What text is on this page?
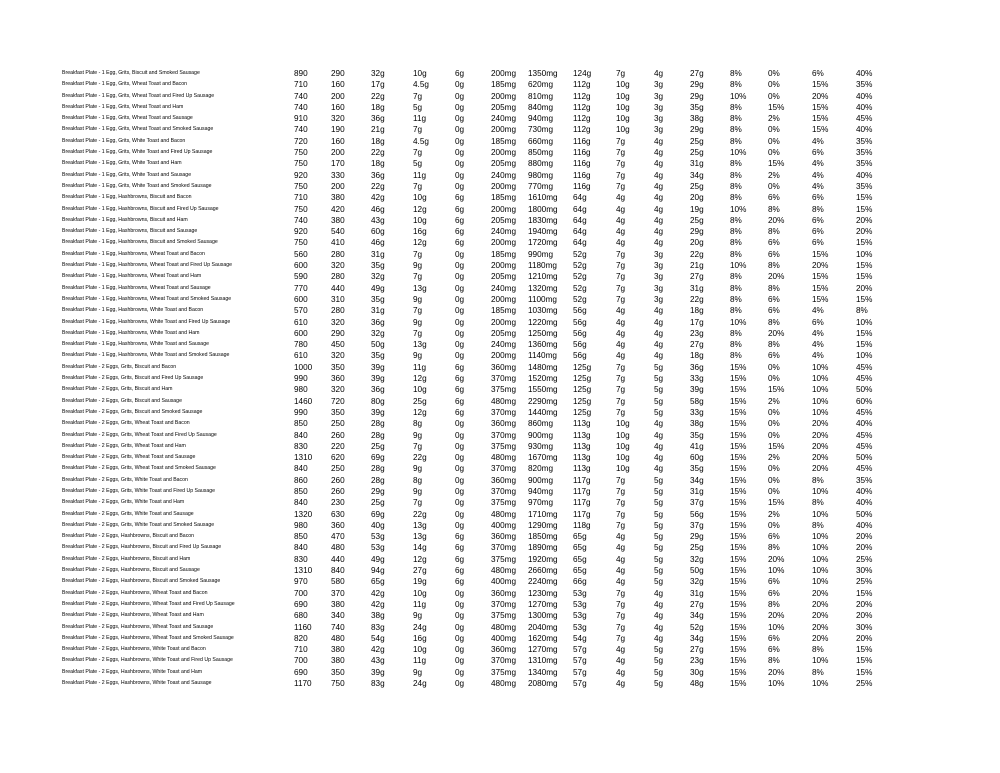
Breakfast Plate - 1 Egg, Grits, Biscuit and Smoked Sausage	890	290	32g	10g	6g	200mg	1350mg	124g	7g	4g	27g	8%	0%	6%	40%
Breakfast Plate - 1 Egg, Grits, Wheat Toast and Bacon	710	160	17g	4.5g	0g	185mg	620mg	112g	10g	3g	29g	8%	0%	15%	35%
Breakfast Plate - 1 Egg, Grits, Wheat Toast and Fired Up Sausage	740	200	22g	7g	0g	200mg	810mg	112g	10g	3g	29g	10%	0%	20%	40%
Breakfast Plate - 1 Egg, Grits, Wheat Toast and Ham	740	160	18g	5g	0g	205mg	840mg	112g	10g	3g	35g	8%	15%	15%	40%
Breakfast Plate - 1 Egg, Grits, Wheat Toast and Sausage	910	320	36g	11g	0g	240mg	940mg	112g	10g	3g	38g	8%	2%	15%	45%
Breakfast Plate - 1 Egg, Grits, Wheat Toast and Smoked Sausage	740	190	21g	7g	0g	200mg	730mg	112g	10g	3g	29g	8%	0%	15%	40%
Breakfast Plate - 1 Egg, Grits, White Toast and Bacon	720	160	18g	4.5g	0g	185mg	660mg	116g	7g	4g	25g	8%	0%	4%	35%
Breakfast Plate - 1 Egg, Grits, White Toast and Fired Up Sausage	750	200	22g	7g	0g	200mg	850mg	116g	7g	4g	25g	10%	0%	6%	35%
Breakfast Plate - 1 Egg, Grits, White Toast and Ham	750	170	18g	5g	0g	205mg	880mg	116g	7g	4g	31g	8%	15%	4%	35%
Breakfast Plate - 1 Egg, Grits, White Toast and Sausage	920	330	36g	11g	0g	240mg	980mg	116g	7g	4g	34g	8%	2%	4%	40%
Breakfast Plate - 1 Egg, Grits, White Toast and Smoked Sausage	750	200	22g	7g	0g	200mg	770mg	116g	7g	4g	25g	8%	0%	4%	35%
Breakfast Plate - 1 Egg, Hashbrowns, Biscuit and Bacon	710	380	42g	10g	6g	185mg	1610mg	64g	4g	4g	20g	8%	6%	6%	15%
Breakfast Plate - 1 Egg, Hashbrowns, Biscuit and Fired Up Sausage	750	420	46g	12g	6g	200mg	1800mg	64g	4g	4g	19g	10%	8%	8%	15%
Breakfast Plate - 1 Egg, Hashbrowns, Biscuit and Ham	740	380	43g	10g	6g	205mg	1830mg	64g	4g	4g	25g	8%	20%	6%	20%
Breakfast Plate - 1 Egg, Hashbrowns, Biscuit and Sausage	920	540	60g	16g	6g	240mg	1940mg	64g	4g	4g	29g	8%	8%	6%	20%
Breakfast Plate - 1 Egg, Hashbrowns, Biscuit and Smoked Sausage	750	410	46g	12g	6g	200mg	1720mg	64g	4g	4g	20g	8%	6%	6%	15%
Breakfast Plate - 1 Egg, Hashbrowns, Wheat Toast and Bacon	560	280	31g	7g	0g	185mg	990mg	52g	7g	3g	22g	8%	6%	15%	10%
Breakfast Plate - 1 Egg, Hashbrowns, Wheat Toast and Fired Up Sausage	600	320	35g	9g	0g	200mg	1180mg	52g	7g	3g	21g	10%	8%	20%	15%
Breakfast Plate - 1 Egg, Hashbrowns, Wheat Toast and Ham	590	280	32g	7g	0g	205mg	1210mg	52g	7g	3g	27g	8%	20%	15%	15%
Breakfast Plate - 1 Egg, Hashbrowns, Wheat Toast and Sausage	770	440	49g	13g	0g	240mg	1320mg	52g	7g	3g	31g	8%	8%	15%	20%
Breakfast Plate - 1 Egg, Hashbrowns, Wheat Toast and Smoked Sausage	600	310	35g	9g	0g	200mg	1100mg	52g	7g	3g	22g	8%	6%	15%	15%
Breakfast Plate - 1 Egg, Hashbrowns, White Toast and Bacon	570	280	31g	7g	0g	185mg	1030mg	56g	4g	4g	18g	8%	6%	4%	8%
Breakfast Plate - 1 Egg, Hashbrowns, White Toast and Fired Up Sausage	610	320	36g	9g	0g	200mg	1220mg	56g	4g	4g	17g	10%	8%	6%	10%
Breakfast Plate - 1 Egg, Hashbrowns, White Toast and Ham	600	290	32g	7g	0g	205mg	1250mg	56g	4g	4g	23g	8%	20%	4%	15%
Breakfast Plate - 1 Egg, Hashbrowns, White Toast and Sausage	780	450	50g	13g	0g	240mg	1360mg	56g	4g	4g	27g	8%	8%	4%	15%
Breakfast Plate - 1 Egg, Hashbrowns, White Toast and Smoked Sausage	610	320	35g	9g	0g	200mg	1140mg	56g	4g	4g	18g	8%	6%	4%	10%
Breakfast Plate - 2 Eggs, Grits, Biscuit and Bacon	1000	350	39g	11g	6g	360mg	1480mg	125g	7g	5g	36g	15%	0%	10%	45%
Breakfast Plate - 2 Eggs, Grits, Biscuit and Fired Up Sausage	990	360	39g	12g	6g	370mg	1520mg	125g	7g	5g	33g	15%	0%	10%	45%
Breakfast Plate - 2 Eggs, Grits, Biscuit and Ham	980	320	36g	10g	6g	375mg	1550mg	125g	7g	5g	39g	15%	15%	10%	50%
Breakfast Plate - 2 Eggs, Grits, Biscuit and Sausage	1460	720	80g	25g	6g	480mg	2290mg	125g	7g	5g	58g	15%	2%	10%	60%
Breakfast Plate - 2 Eggs, Grits, Biscuit and Smoked Sausage	990	350	39g	12g	6g	370mg	1440mg	125g	7g	5g	33g	15%	0%	10%	45%
Breakfast Plate - 2 Eggs, Grits, Wheat Toast and Bacon	850	250	28g	8g	0g	360mg	860mg	113g	10g	4g	38g	15%	0%	20%	40%
Breakfast Plate - 2 Eggs, Grits, Wheat Toast and Fired Up Sausage	840	260	28g	9g	0g	370mg	900mg	113g	10g	4g	35g	15%	0%	20%	45%
Breakfast Plate - 2 Eggs, Grits, Wheat Toast and Ham	830	220	25g	7g	0g	375mg	930mg	113g	10g	4g	41g	15%	15%	20%	45%
Breakfast Plate - 2 Eggs, Grits, Wheat Toast and Sausage	1310	620	69g	22g	0g	480mg	1670mg	113g	10g	4g	60g	15%	2%	20%	50%
Breakfast Plate - 2 Eggs, Grits, Wheat Toast and Smoked Sausage	840	250	28g	9g	0g	370mg	820mg	113g	10g	4g	35g	15%	0%	20%	45%
Breakfast Plate - 2 Eggs, Grits, White Toast and Bacon	860	260	28g	8g	0g	360mg	900mg	117g	7g	5g	34g	15%	0%	8%	35%
Breakfast Plate - 2 Eggs, Grits, White Toast and Fired Up Sausage	850	260	29g	9g	0g	370mg	940mg	117g	7g	5g	31g	15%	0%	10%	40%
Breakfast Plate - 2 Eggs, Grits, White Toast and Ham	840	230	25g	7g	0g	375mg	970mg	117g	7g	5g	37g	15%	15%	8%	40%
Breakfast Plate - 2 Eggs, Grits, White Toast and Sausage	1320	630	69g	22g	0g	480mg	1710mg	117g	7g	5g	56g	15%	2%	10%	50%
Breakfast Plate - 2 Eggs, Grits, White Toast and Smoked Sausage	980	360	40g	13g	0g	400mg	1290mg	118g	7g	5g	37g	15%	0%	8%	40%
Breakfast Plate - 2 Eggs, Hashbrowns, Biscuit and Bacon	850	470	53g	13g	6g	360mg	1850mg	65g	4g	5g	29g	15%	6%	10%	20%
Breakfast Plate - 2 Eggs, Hashbrowns, Biscuit and Fired Up Sausage	840	480	53g	14g	6g	370mg	1890mg	65g	4g	5g	25g	15%	8%	10%	20%
Breakfast Plate - 2 Eggs, Hashbrowns, Biscuit and Ham	830	440	49g	12g	6g	375mg	1920mg	65g	4g	5g	32g	15%	20%	10%	25%
Breakfast Plate - 2 Eggs, Hashbrowns, Biscuit and Sausage	1310	840	94g	27g	6g	480mg	2660mg	65g	4g	5g	50g	15%	10%	10%	30%
Breakfast Plate - 2 Eggs, Hashbrowns, Biscuit and Smoked Sausage	970	580	65g	19g	6g	400mg	2240mg	66g	4g	5g	32g	15%	6%	10%	25%
Breakfast Plate - 2 Eggs, Hashbrowns, Wheat Toast and Bacon	700	370	42g	10g	0g	360mg	1230mg	53g	7g	4g	31g	15%	6%	20%	15%
Breakfast Plate - 2 Eggs, Hashbrowns, Wheat Toast and Fired Up Sausage	690	380	42g	11g	0g	370mg	1270mg	53g	7g	4g	27g	15%	8%	20%	20%
Breakfast Plate - 2 Eggs, Hashbrowns, Wheat Toast and Ham	680	340	38g	9g	0g	375mg	1300mg	53g	7g	4g	34g	15%	20%	20%	20%
Breakfast Plate - 2 Eggs, Hashbrowns, Wheat Toast and Sausage	1160	740	83g	24g	0g	480mg	2040mg	53g	7g	4g	52g	15%	10%	20%	30%
Breakfast Plate - 2 Eggs, Hashbrowns, Wheat Toast and Smoked Sausage	820	480	54g	16g	0g	400mg	1620mg	54g	7g	4g	34g	15%	6%	20%	20%
Breakfast Plate - 2 Eggs, Hashbrowns, White Toast and Bacon	710	380	42g	10g	0g	360mg	1270mg	57g	4g	5g	27g	15%	6%	8%	15%
Breakfast Plate - 2 Eggs, Hashbrowns, White Toast and Fired Up Sausage	700	380	43g	11g	0g	370mg	1310mg	57g	4g	5g	23g	15%	8%	10%	15%
Breakfast Plate - 2 Eggs, Hashbrowns, White Toast and Ham	690	350	39g	9g	0g	375mg	1340mg	57g	4g	5g	30g	15%	20%	8%	15%
Breakfast Plate - 2 Eggs, Hashbrowns, White Toast and Sausage	1170	750	83g	24g	0g	480mg	2080mg	57g	4g	5g	48g	15%	10%	10%	25%
